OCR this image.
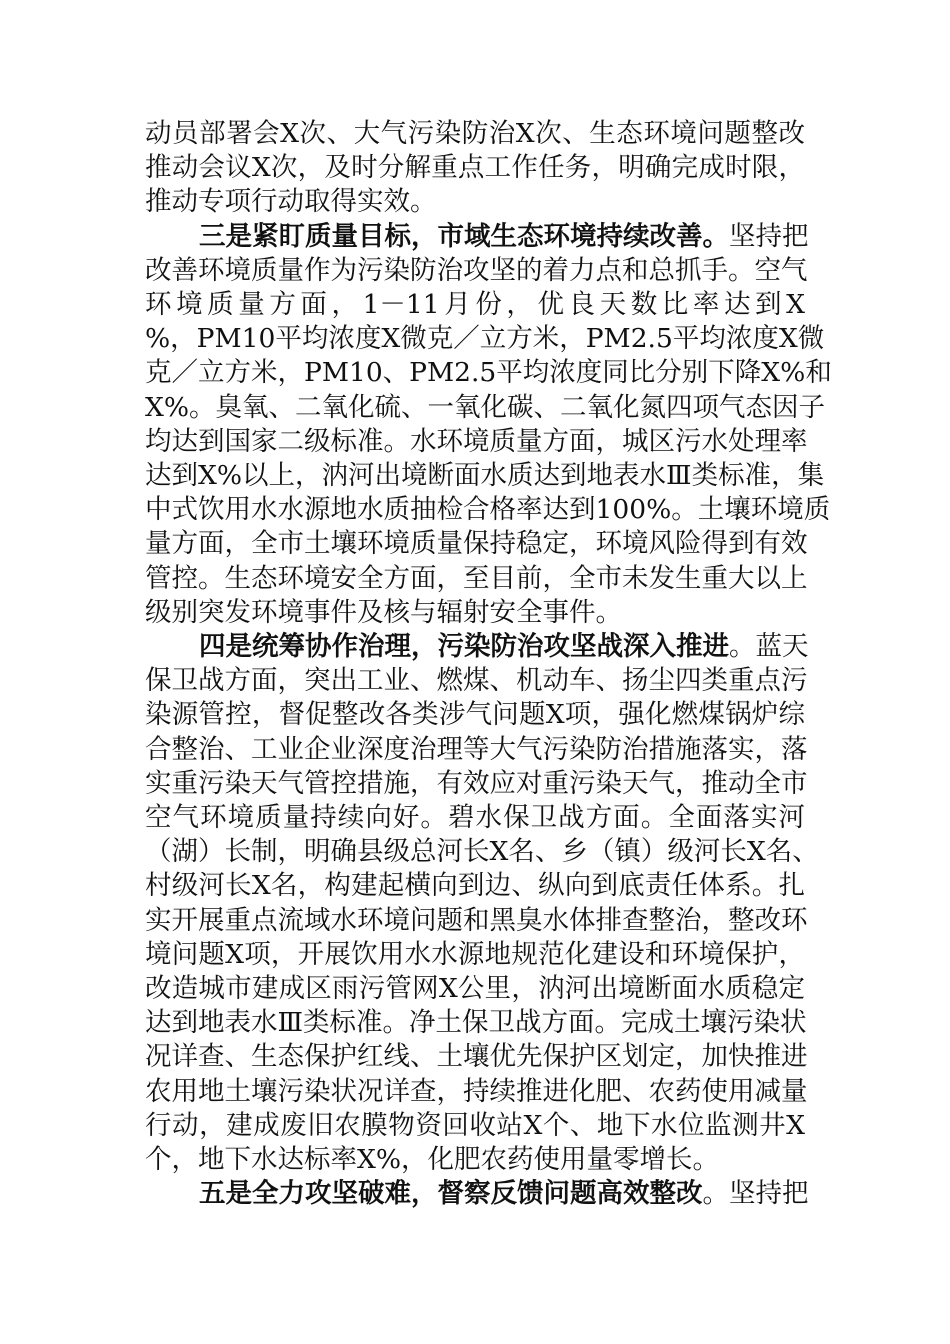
动员部署会X次、大气污染防治X次、生态环境问题整改
推动会议X次，及时分解重点工作任务，明确完成时限，
推动专项行动取得实效。
三是紧盯质量目标，市域生态环境持续改善。坚持把
改善环境质量作为污染防治攻坚的着力点和总抓手。空气
环境质量方面，1－11月份，优良天数比率达到X
%，PM10平均浓度X微克／立方米，PM2.5平均浓度X微
克／立方米，PM10、PM2.5平均浓度同比分别下降X%和
X%。臭氧、二氧化硫、一氧化碳、二氧化氮四项气态因子
均达到国家二级标准。水环境质量方面，城区污水处理率
达到X%以上，汭河出境断面水质达到地表水Ⅲ类标准，集
中式饮用水水源地水质抽检合格率达到100%。土壤环境质
量方面，全市土壤环境质量保持稳定，环境风险得到有效
管控。生态环境安全方面，至目前，全市未发生重大以上
级别突发环境事件及核与辐射安全事件。
四是统筹协作治理，污染防治攻坚战深入推进。蓝天
保卫战方面，突出工业、燃煤、机动车、扬尘四类重点污
染源管控，督促整改各类涉气问题X项，强化燃煤锅炉综
合整治、工业企业深度治理等大气污染防治措施落实，落
实重污染天气管控措施，有效应对重污染天气，推动全市
空气环境质量持续向好。碧水保卫战方面。全面落实河
（湖）长制，明确县级总河长X名、乡（镇）级河长X名、
村级河长X名，构建起横向到边、纵向到底责任体系。扎
实开展重点流域水环境问题和黑臭水体排查整治，整改环
境问题X项，开展饮用水水源地规范化建设和环境保护，
改造城市建成区雨污管网X公里，汭河出境断面水质稳定
达到地表水Ⅲ类标准。净土保卫战方面。完成土壤污染状
况详查、生态保护红线、土壤优先保护区划定，加快推进
农用地土壤污染状况详查，持续推进化肥、农药使用减量
行动，建成废旧农膜物资回收站X个、地下水位监测井X
个，地下水达标率X%，化肥农药使用量零增长。
五是全力攻坚破难，督察反馈问题高效整改。坚持把
